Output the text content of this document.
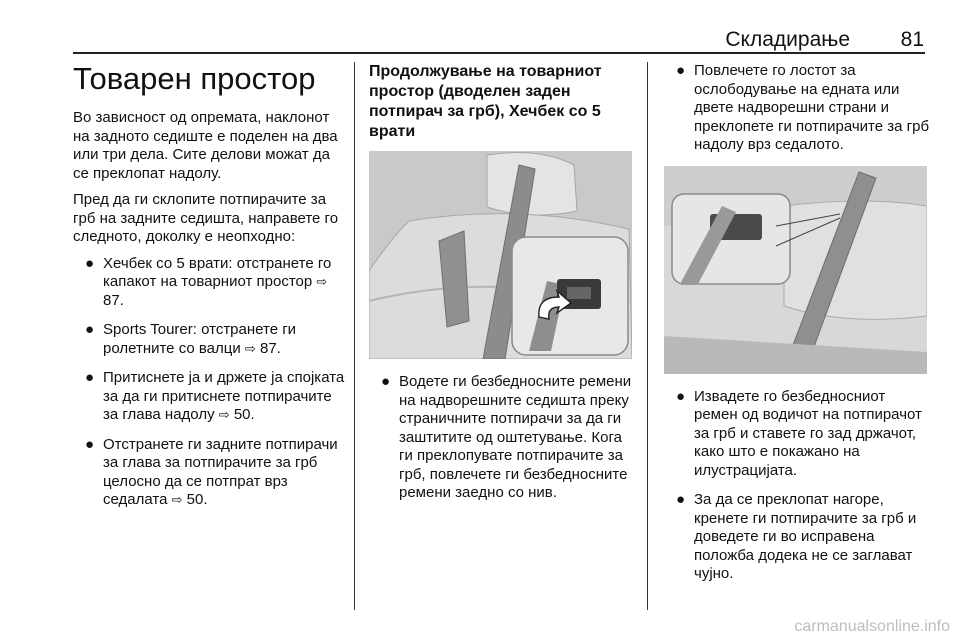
Складирање	81
Товарен простор

Во зависност од опремата, наклонот на задното седиште е поделен на два или три дела. Сите делови можат да се преклопат надолу.

Пред да ги склопите потпирачите за грб на задните седишта, направете го следното, доколку е неопходно:

● Хечбек со 5 врати: отстранете го капакот на товарниот простор ⇨ 87.
● Sports Tourer: отстранете ги ролетните со валци ⇨ 87.
● Притиснете ја и држете ја спојката за да ги притиснете потпирачите за глава надолу ⇨ 50.
● Отстранете ги задните потпирачи за глава за потпирачите за грб целосно да се потпрат врз седалата ⇨ 50.
Продолжување на товарниот простор (дводелен заден потпирач за грб), Хечбек со 5 врати
● Водете ги безбедносните ремени на надворешните седишта преку страничните потпирачи за да ги заштитите од оштетување. Кога ги преклопувате потпирачите за грб, повлечете ги безбедносните ремени заедно со нив.
● Повлечете го лостот за ослободување на едната или двете надворешни страни и преклопете ги потпирачите за грб надолу врз седалото.
● Извадете го безбедносниот ремен од водичот на потпирачот за грб и ставете го зад држачот, како што е покажано на илустрацијата.
● За да се преклопат нагоре, кренете ги потпирачите за грб и доведете ги во исправена положба додека не се заглават чујно.
carmanualsonline.info
